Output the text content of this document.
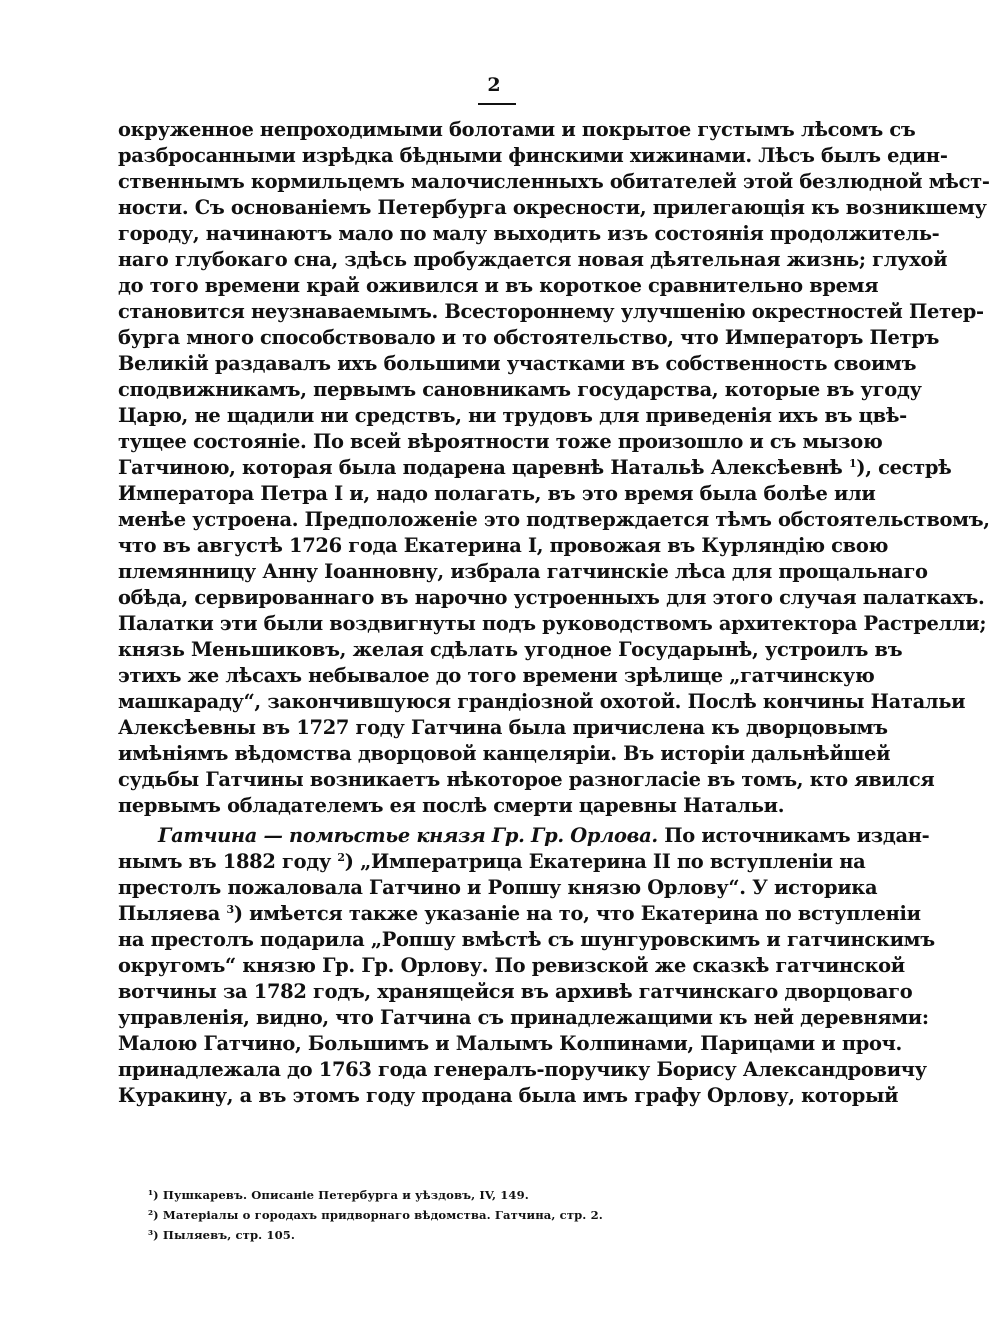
2
окруженное непроходимыми болотами и покрытое густымъ лѣсомъ съ
разбросанными изрѣдка бѣдными финскими хижинами. Лѣсъ былъ един-
ственнымъ кормильцемъ малочисленныхъ обитателей этой безлюдной мѣст-
ности. Съ основаніемъ Петербурга окресности, прилегающія къ возникшему
городу, начинаютъ мало по малу выходить изъ состоянія продолжитель-
наго глубокаго сна, здѣсь пробуждается новая дѣятельная жизнь; глухой
до того времени край оживился и въ короткое сравнительно время
становится неузнаваемымъ. Всестороннему улучшенію окрестностей Петер-
бурга много способствовало и то обстоятельство, что Императоръ Петръ
Великій раздавалъ ихъ большими участками въ собственность своимъ
сподвижникамъ, первымъ сановникамъ государства, которые въ угоду
Царю, не щадили ни средствъ, ни трудовъ для приведенія ихъ въ цвѣ-
тущее состояніе. По всей вѣроятности тоже произошло и съ мызою
Гатчиною, которая была подарена царевнѣ Натальѣ Алексѣевнѣ $^1$), сестрѣ
Императора Петра I и, надо полагать, въ это время была болѣе или
менѣе устроена. Предположеніе это подтверждается тѣмъ обстоятельствомъ,
что въ августѣ 1726 года Екатерина I, провожая въ Курляндію свою
племянницу Анну Іоанновну, избрала гатчинскіе лѣса для прощальнаго
обѣда, сервированнаго въ нарочно устроенныхъ для этого случая палаткахъ.
Палатки эти были воздвигнуты подъ руководствомъ архитектора Растрелли;
князь Меньшиковъ, желая сдѣлать угодное Государынѣ, устроилъ въ
этихъ же лѣсахъ небывалое до того времени зрѣлище „гатчинскую
машкараду“, закончившуюся грандіозной охотой. Послѣ кончины Натальи
Алексѣевны въ 1727 году Гатчина была причислена къ дворцовымъ
имѣніямъ вѣдомства дворцовой канцеляріи. Въ исторіи дальнѣйшей
судьбы Гатчины возникаетъ нѣкоторое разногласіе въ томъ, кто явился
первымъ обладателемъ ея послѣ смерти царевны Натальи.
Гатчина — помѣстье князя Гр. Гр. Орлова. По источникамъ издан-
нымъ въ 1882 году $^2$) „Императрица Екатерина II по вступленіи на
престолъ пожаловала Гатчино и Ропшу князю Орлову“. У историка
Пыляева $^3$) имѣется также указаніе на то, что Екатерина по вступленіи
на престолъ подарила „Ропшу вмѣстѣ съ шунгуровскимъ и гатчинскимъ
округомъ“ князю Гр. Гр. Орлову. По ревизской же сказкѣ гатчинской
вотчины за 1782 годъ, хранящейся въ архивѣ гатчинскаго дворцоваго
управленія, видно, что Гатчина съ принадлежащими къ ней деревнями:
Малою Гатчино, Большимъ и Малымъ Колпинами, Парицами и проч.
принадлежала до 1763 года генералъ-поручику Борису Александровичу
Куракину, а въ этомъ году продана была имъ графу Орлову, который
¹) Пушкаревъ. Описаніе Петербурга и уѣздовъ, IV, 149.
²) Матеріалы о городахъ придворнаго вѣдомства. Гатчина, стр. 2.
³) Пыляевъ, стр. 105.
